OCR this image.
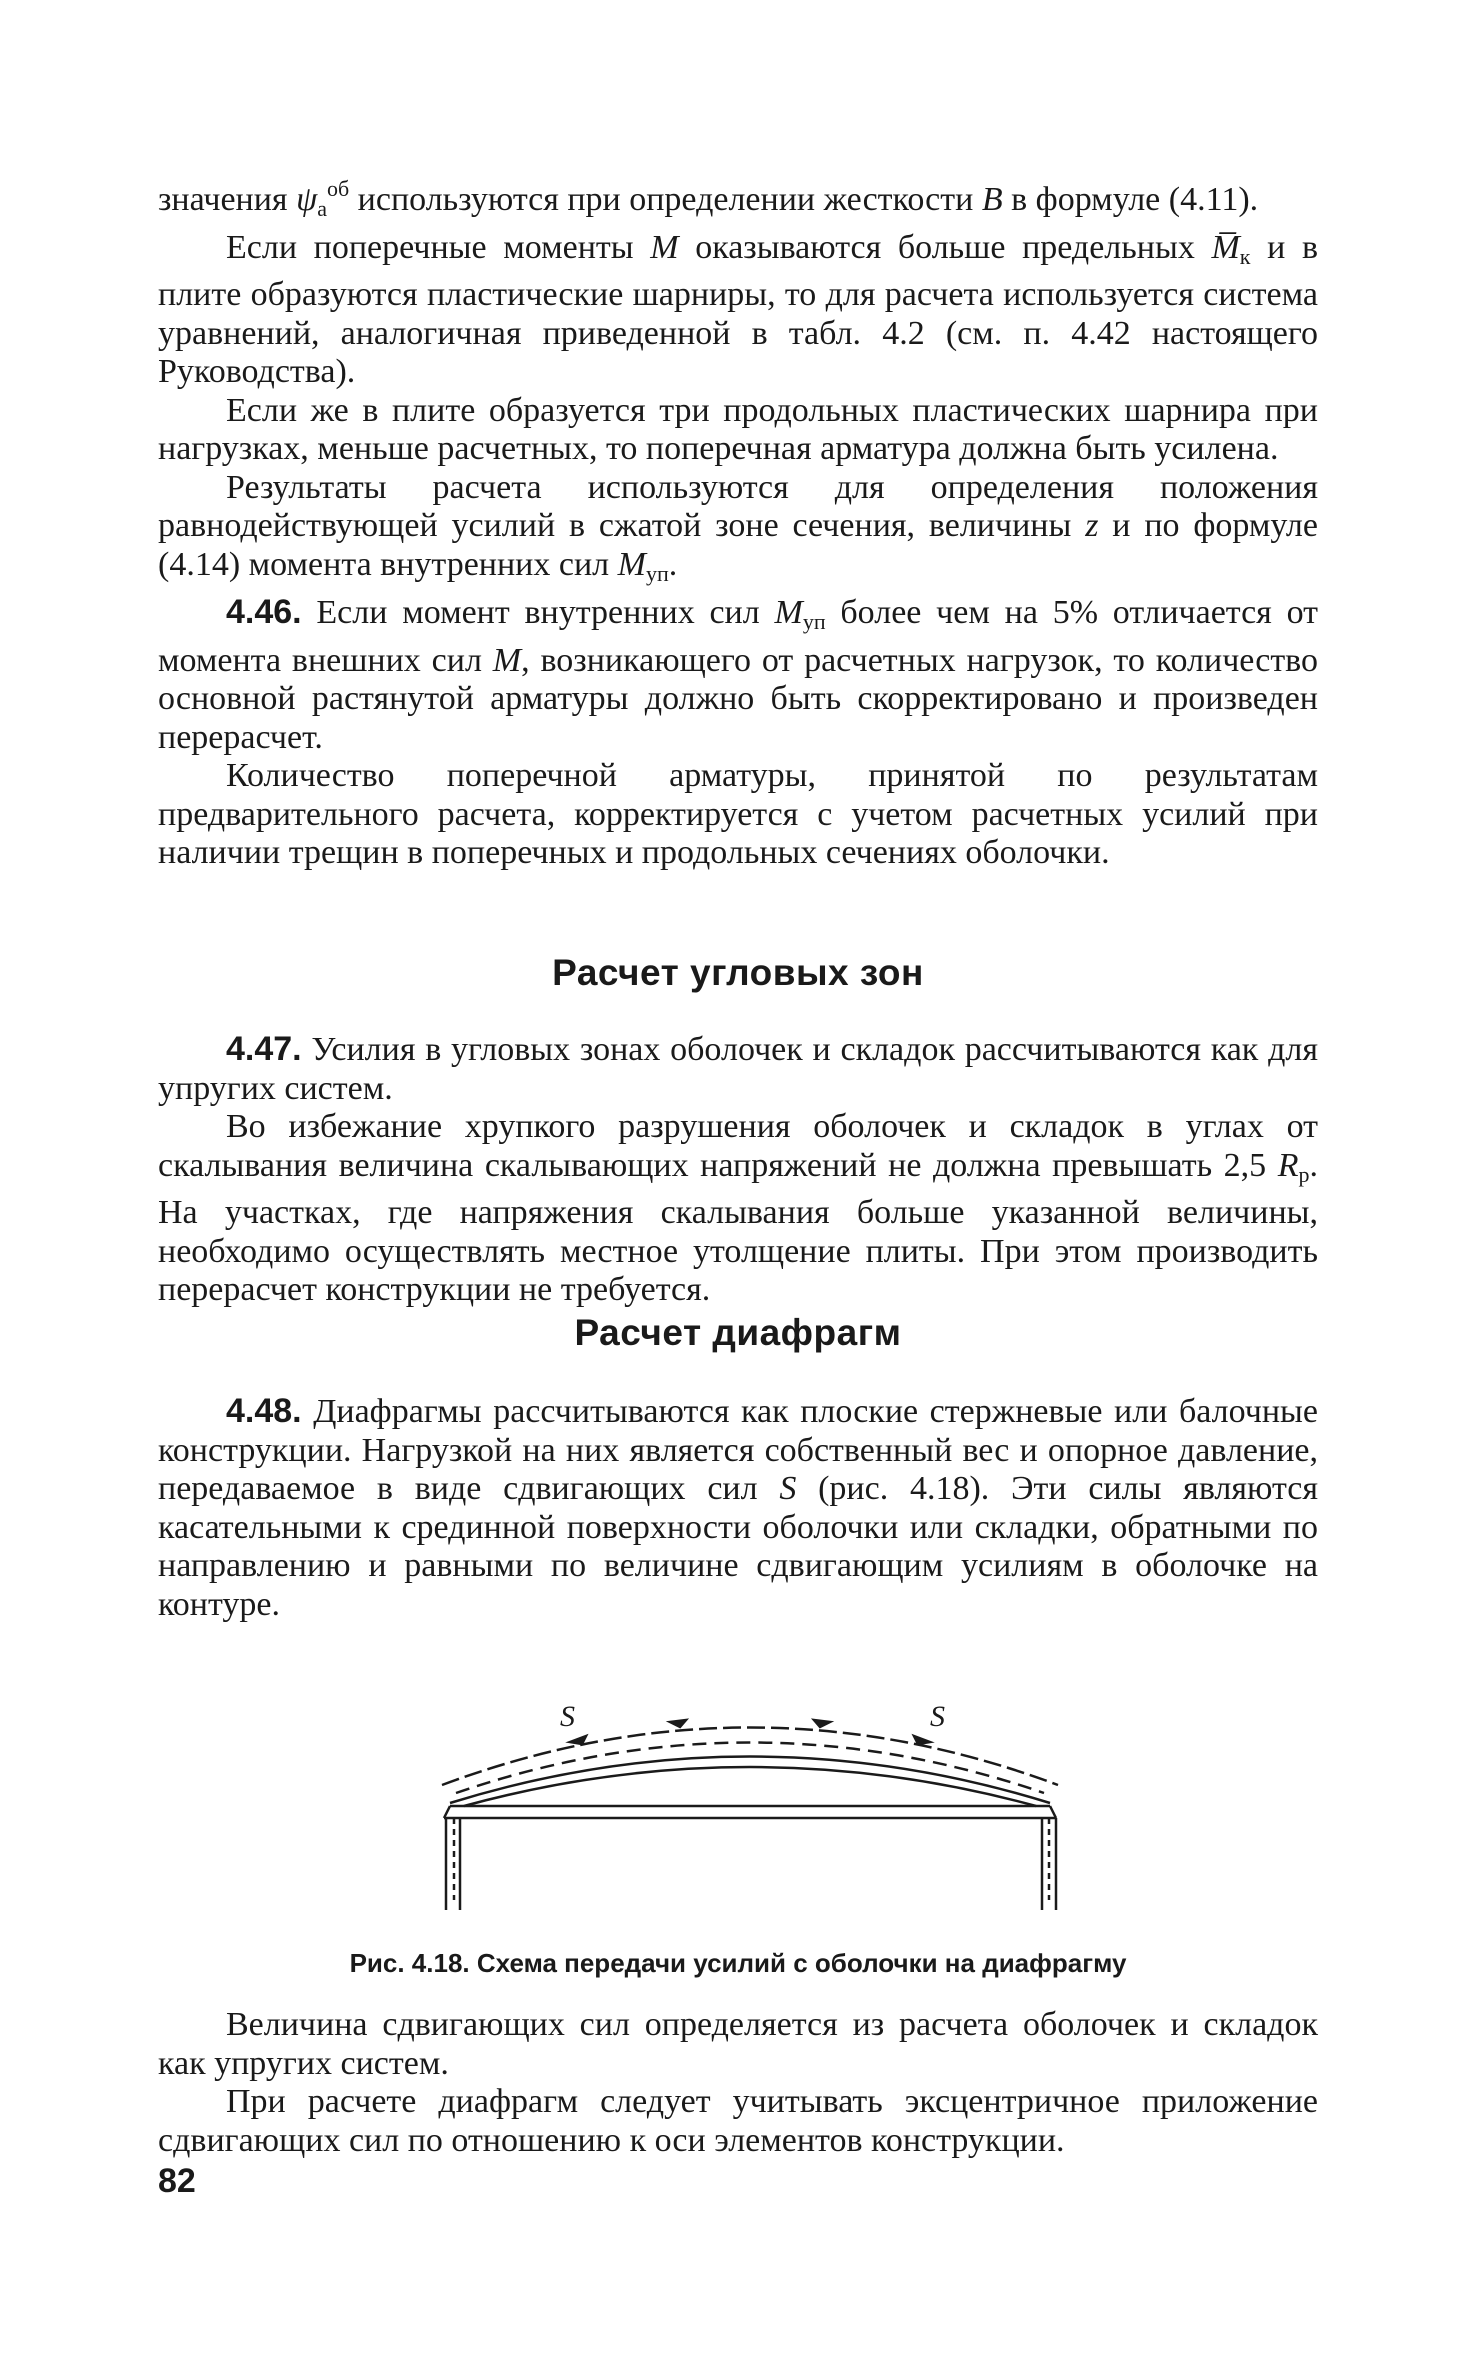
значения $\psi_а^{об}$ используются при определении жесткости B в формуле (4.11).

Если поперечные моменты M оказываются больше предельных $M̅_к$ и в плите образуются пластические шарниры, то для расчета используется система уравнений, аналогичная приведенной в табл. 4.2 (см. п. 4.42 настоящего Руководства).

Если же в плите образуется три продольных пластических шарнира при нагрузках, меньше расчетных, то поперечная арматура должна быть усилена.

Результаты расчета используются для определения положения равнодействующей усилий в сжатой зоне сечения, величины z и по формуле (4.14) момента внутренних сил $M_{уп}$.

4.46. Если момент внутренних сил $M_{уп}$ более чем на 5% отличается от момента внешних сил M, возникающего от расчетных нагрузок, то количество основной растянутой арматуры должно быть скорректировано и произведен перерасчет.

Количество поперечной арматуры, принятой по результатам предварительного расчета, корректируется с учетом расчетных усилий при наличии трещин в поперечных и продольных сечениях оболочки.

Расчет угловых зон

4.47. Усилия в угловых зонах оболочек и складок рассчитываются как для упругих систем.

Во избежание хрупкого разрушения оболочек и складок в углах от скалывания величина скалывающих напряжений не должна превышать 2,5 $R_р$. На участках, где напряжения скалывания больше указанной величины, необходимо осуществлять местное утолщение плиты. При этом производить перерасчет конструкции не требуется.

Расчет диафрагм

4.48. Диафрагмы рассчитываются как плоские стержневые или балочные конструкции. Нагрузкой на них является собственный вес и опорное давление, передаваемое в виде сдвигающих сил S (рис. 4.18). Эти силы являются касательными к срединной поверхности оболочки или складки, обратными по направлению и равными по величине сдвигающим усилиям в оболочке на контуре.

S	S
Рис. 4.18. Схема передачи усилий с оболочки на диафрагму

Величина сдвигающих сил определяется из расчета оболочек и складок как упругих систем.

При расчете диафрагм следует учитывать эксцентричное приложение сдвигающих сил по отношению к оси элементов конструкции.

82
